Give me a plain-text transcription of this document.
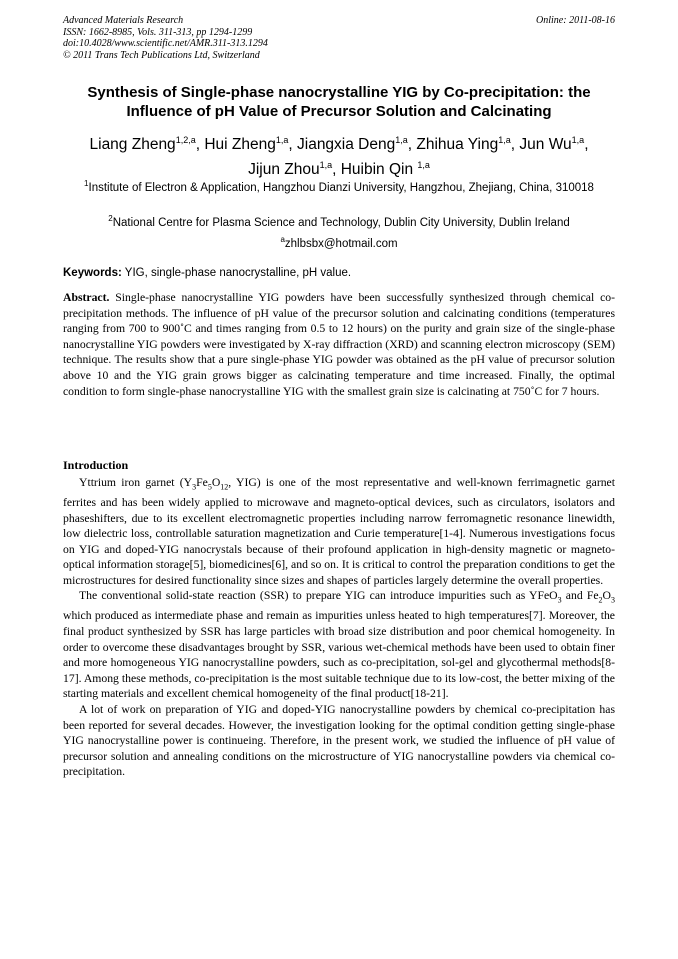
Advanced Materials Research
ISSN: 1662-8985, Vols. 311-313, pp 1294-1299
doi:10.4028/www.scientific.net/AMR.311-313.1294
© 2011 Trans Tech Publications Ltd, Switzerland
Online: 2011-08-16
Synthesis of Single-phase nanocrystalline YIG by Co-precipitation: the Influence of pH Value of Precursor Solution and Calcinating
Liang Zheng$^{1,2,a}$, Hui Zheng$^{1,a}$, Jiangxia Deng$^{1,a}$, Zhihua Ying$^{1,a}$, Jun Wu$^{1,a}$,
Jijun Zhou$^{1,a}$, Huibin Qin $^{1,a}$
$^1$Institute of Electron & Application, Hangzhou Dianzi University, Hangzhou, Zhejiang, China, 310018
$^2$National Centre for Plasma Science and Technology, Dublin City University, Dublin Ireland
$^a$zhlbsbx@hotmail.com
Keywords: YIG, single-phase nanocrystalline, pH value.

Abstract. Single-phase nanocrystalline YIG powders have been successfully synthesized through chemical co-precipitation methods. The influence of pH value of the precursor solution and calcinating conditions (temperatures ranging from 700 to 900˚C and times ranging from 0.5 to 12 hours) on the purity and grain size of the single-phase nanocrystalline YIG powders were investigated by X-ray diffraction (XRD) and scanning electron microscopy (SEM) technique. The results show that a pure single-phase YIG powder was obtained as the pH value of precursor solution above 10 and the YIG grain grows bigger as calcinating temperature and time increased. Finally, the optimal condition to form single-phase nanocrystalline YIG with the smallest grain size is calcinating at 750˚C for 7 hours.

Introduction

Yttrium iron garnet ($Y_3Fe_5O_{12}$, YIG) is one of the most representative and well-known ferrimagnetic garnet ferrites and has been widely applied to microwave and magneto-optical devices, such as circulators, isolators and phaseshifters, due to its excellent electromagnetic properties including narrow ferromagnetic resonance linewidth, low dielectric loss, controllable saturation magnetization and Curie temperature[1-4]. Numerous investigations focus on YIG and doped-YIG nanocrystals because of their profound application in high-density magnetic or magneto-optical information storage[5], biomedicines[6], and so on. It is critical to control the preparation conditions to get the microstructures for desired functionality since sizes and shapes of particles largely determine the overall properties.

The conventional solid-state reaction (SSR) to prepare YIG can introduce impurities such as YFeO$_3$ and $Fe_2O_3$ which produced as intermediate phase and remain as impurities unless heated to high temperatures[7]. Moreover, the final product synthesized by SSR has large particles with broad size distribution and poor chemical homogeneity. In order to overcome these disadvantages brought by SSR, various wet-chemical methods have been used to obtain finer and more homogeneous YIG nanocrystalline powders, such as co-precipitation, sol-gel and glycothermal methods[8-17]. Among these methods, co-precipitation is the most suitable technique due to its low-cost, the better mixing of the starting materials and excellent chemical homogeneity of the final product[18-21].

A lot of work on preparation of YIG and doped-YIG nanocrystalline powders by chemical co-precipitation has been reported for several decades. However, the investigation looking for the optimal condition getting single-phase YIG nanocrystalline power is continueing. Therefore, in the present work, we studied the influence of pH value of precursor solution and annealing conditions on the microstructure of YIG nanocrystalline powders via chemical co-precipitation.
